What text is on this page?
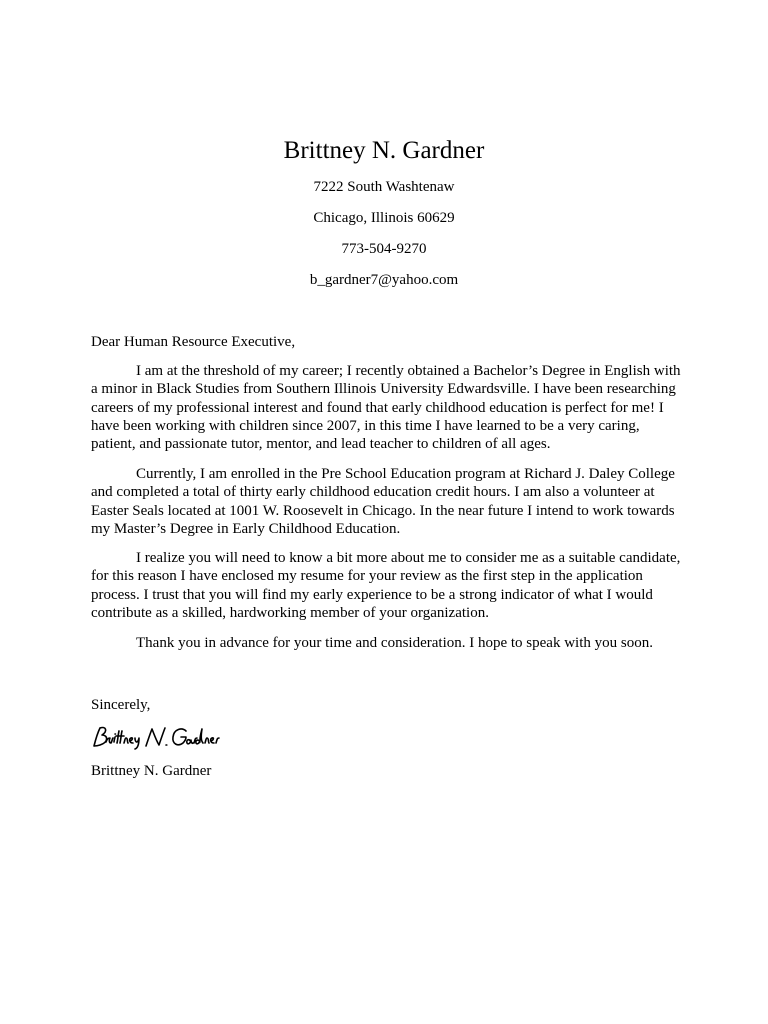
Brittney N. Gardner
7222 South Washtenaw
Chicago, Illinois 60629
773-504-9270
b_gardner7@yahoo.com
Dear Human Resource Executive,

I am at the threshold of my career; I recently obtained a Bachelor’s Degree in English with a minor in Black Studies from Southern Illinois University Edwardsville. I have been researching careers of my professional interest and found that early childhood education is perfect for me! I have been working with children since 2007, in this time I have learned to be a very caring, patient, and passionate tutor, mentor, and lead teacher to children of all ages.

Currently, I am enrolled in the Pre School Education program at Richard J. Daley College and completed a total of thirty early childhood education credit hours. I am also a volunteer at Easter Seals located at 1001 W. Roosevelt in Chicago. In the near future I intend to work towards my Master’s Degree in Early Childhood Education.

I realize you will need to know a bit more about me to consider me as a suitable candidate, for this reason I have enclosed my resume for your review as the first step in the application process. I trust that you will find my early experience to be a strong indicator of what I would contribute as a skilled, hardworking member of your organization.

Thank you in advance for your time and consideration. I hope to speak with you soon.

Sincerely,
Brittney N. Gardner
